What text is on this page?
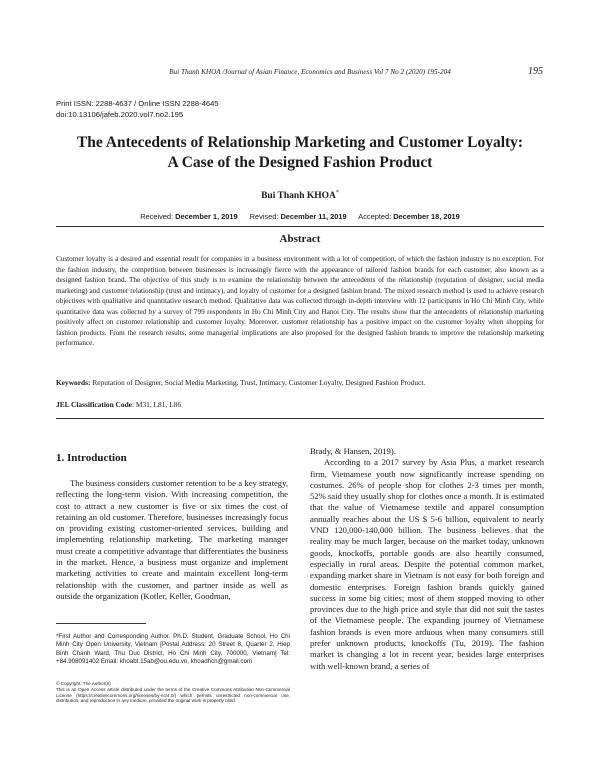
Bui Thanh KHOA /Journal of Asian Finance, Economics and Business Vol 7 No 2 (2020) 195-204	195
Print ISSN: 2288-4637 / Online ISSN 2288-4645
doi:10.13106/jafeb.2020.vol7.no2.195
The Antecedents of Relationship Marketing and Customer Loyalty:
A Case of the Designed Fashion Product
Bui Thanh KHOA*
Received: December 1, 2019 Revised: December 11, 2019 Accepted: December 18, 2019
Abstract
Customer loyalty is a desired and essential result for companies in a business environment with a lot of competition, of which the fashion industry is no exception. For the fashion industry, the competition between businesses is increasingly fierce with the appearance of tailored fashion brands for each customer, also known as a designed fashion brand. The objective of this study is to examine the relationship between the antecedents of the relationship (reputation of designer, social media marketing) and customer relationship (trust and intimacy), and loyalty of customer for a designed fashion brand. The mixed research method is used to achieve research objectives with qualitative and quantitative research method. Qualitative data was collected through in-depth interview with 12 participants in Ho Chi Minh City, while quantitative data was collected by a survey of 799 respondents in Ho Chi Minh City and Hanoi City. The results show that the antecedents of relationship marketing positively affect on customer relationship and customer loyalty. Moreover, customer relationship has a positive impact on the customer loyalty when shopping for fashion products. From the research results, some managerial implications are also proposed for the designed fashion brands to improve the relationship marketing performance.
Keywords: Reputation of Designer, Social Media Marketing, Trust, Intimacy, Customer Loyalty, Designed Fashion Product.
JEL Classification Code: M31, L81, L86
1. Introduction
The business considers customer retention to be a key strategy, reflecting the long-term vision. With increasing competition, the cost to attract a new customer is five or six times the cost of retaining an old customer. Therefore, businesses increasingly focus on providing existing customer-oriented services, building and implementing relationship marketing. The marketing manager must create a competitive advantage that differentiates the business in the market. Hence, a business must organize and implement marketing activities to create and maintain excellent long-term relationship with the customer, and partner inside as well as outside the organization (Kotler, Keller, Goodman,

Brady, & Hansen, 2019).

According to a 2017 survey by Asia Plus, a market research firm, Vietnamese youth now significantly increase spending on costumes. 26% of people shop for clothes 2-3 times per month, 52% said they usually shop for clothes once a month. It is estimated that the value of Vietnamese textile and apparel consumption annually reaches about the US $ 5-6 billion, equivalent to nearly VND 120,000-140,000 billion. The business believes that the reality may be much larger, because on the market today, unknown goods, knockoffs, portable goods are also heartily consumed, especially in rural areas. Despite the potential common market, expanding market share in Vietnam is not easy for both foreign and domestic enterprises. Foreign fashion brands quickly gained success in some big cities; most of them stopped moving to other provinces due to the high price and style that did not suit the tastes of the Vietnamese people. The expanding journey of Vietnamese fashion brands is even more arduous when many consumers still prefer unknown products, knockoffs (Tu, 2019). The fashion market is changing a lot in recent year, besides large enterprises with well-known brand, a series of

*First Author and Corresponding Author. Ph.D. Student, Graduate School, Ho Chi Minh City Open University, Vietnam [Postal Address: 20 Street 8, Quarter 2, Hiep Binh Chanh Ward, Thu Duc District, Ho Chi Minh City, 700000, Vietnam] Tel: +84.908091402 Email: khoabt.15ab@ou.edu.vn, khoadhcn@gmail.com
© Copyright: The Author(s)
This is an Open Access article distributed under the terms of the Creative Commons Attribution Non-Commercial License (https://creativecommons.org/licenses/by-nc/4.0/) which permits unrestricted non-commercial use, distribution, and reproduction in any medium, provided the original work is properly cited.
